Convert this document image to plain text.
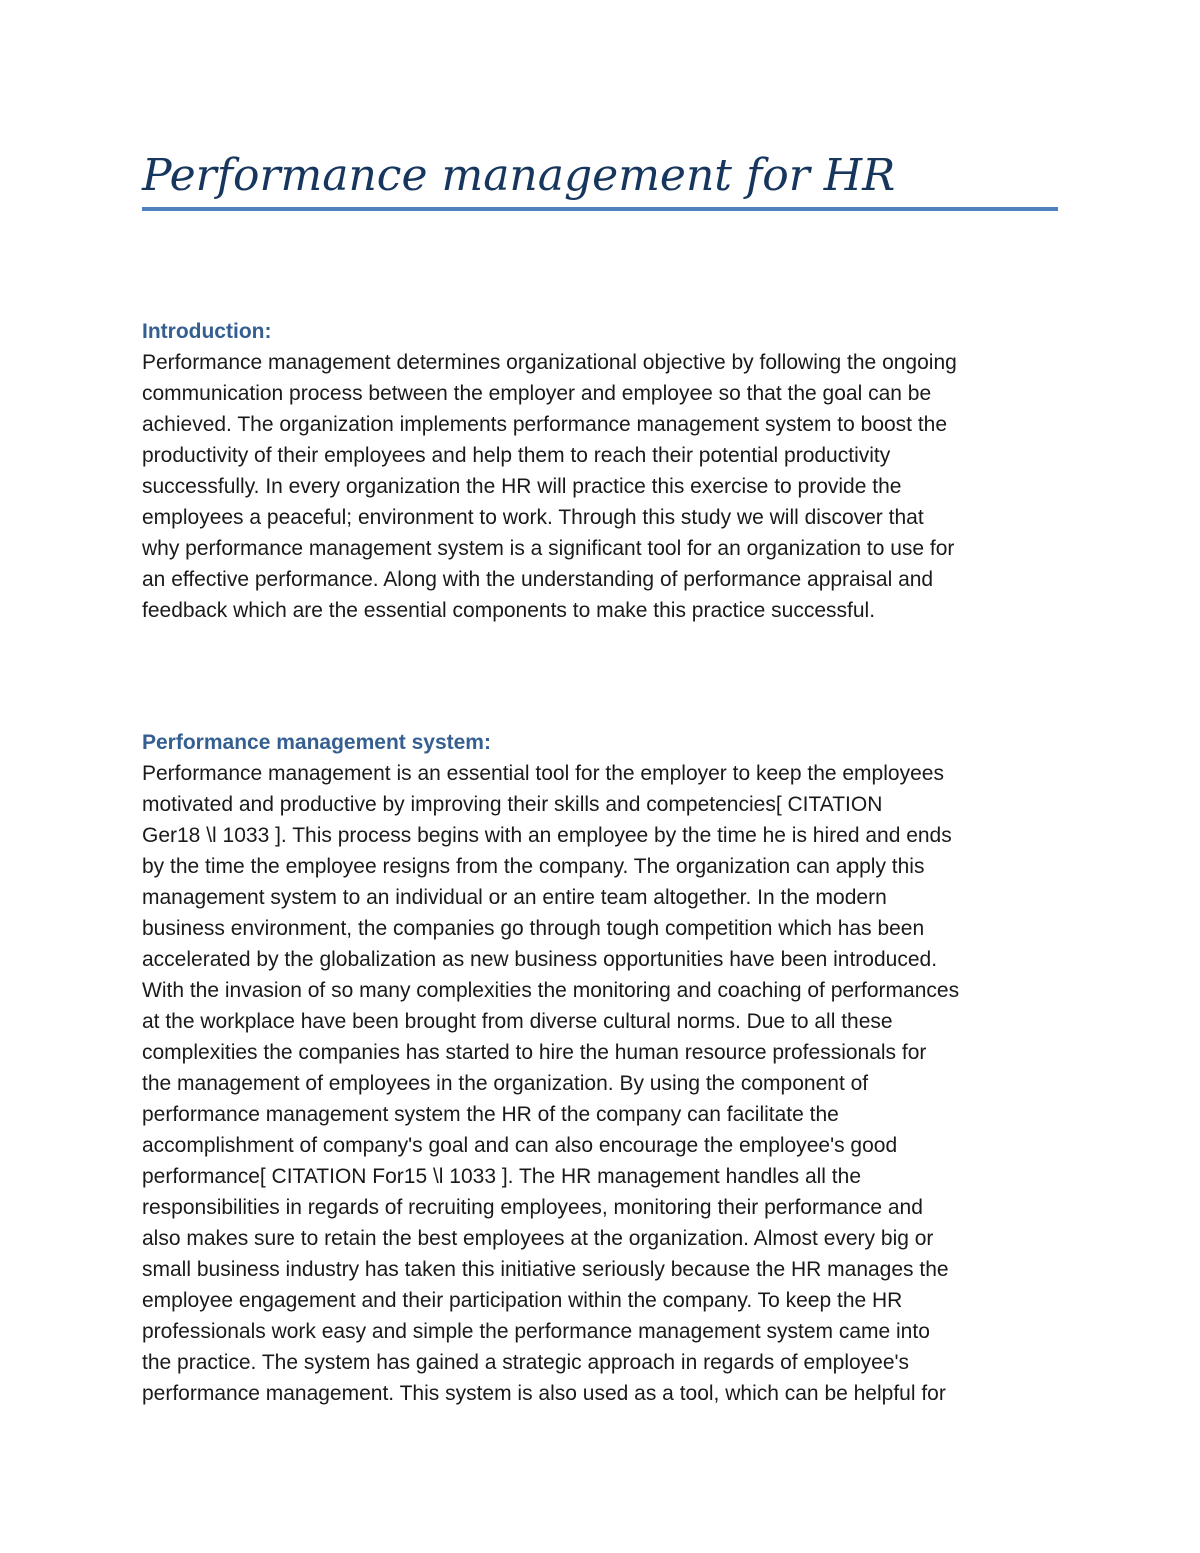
Performance management for HR
Introduction:
Performance management determines organizational objective by following the ongoing
communication process between the employer and employee so that the goal can be
achieved. The organization implements performance management system to boost the
productivity of their employees and help them to reach their potential productivity
successfully. In every organization the HR will practice this exercise to provide the
employees a peaceful; environment to work. Through this study we will discover that
why performance management system is a significant tool for an organization to use for
an effective performance. Along with the understanding of performance appraisal and
feedback which are the essential components to make this practice successful.
Performance management system:
Performance management is an essential tool for the employer to keep the employees
motivated and productive by improving their skills and competencies[ CITATION
Ger18 \l 1033 ]. This process begins with an employee by the time he is hired and ends
by the time the employee resigns from the company. The organization can apply this
management system to an individual or an entire team altogether. In the modern
business environment, the companies go through tough competition which has been
accelerated by the globalization as new business opportunities have been introduced.
With the invasion of so many complexities the monitoring and coaching of performances
at the workplace have been brought from diverse cultural norms. Due to all these
complexities the companies has started to hire the human resource professionals for
the management of employees in the organization. By using the component of
performance management system the HR of the company can facilitate the
accomplishment of company's goal and can also encourage the employee's good
performance[ CITATION For15 \l 1033 ]. The HR management handles all the
responsibilities in regards of recruiting employees, monitoring their performance and
also makes sure to retain the best employees at the organization. Almost every big or
small business industry has taken this initiative seriously because the HR manages the
employee engagement and their participation within the company. To keep the HR
professionals work easy and simple the performance management system came into
the practice. The system has gained a strategic approach in regards of employee's
performance management. This system is also used as a tool, which can be helpful for
